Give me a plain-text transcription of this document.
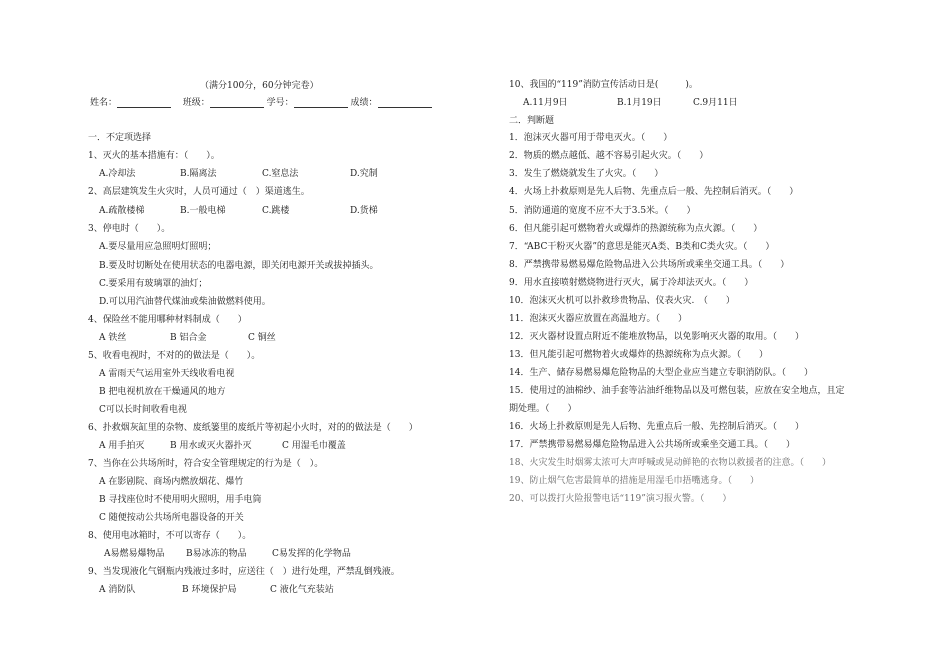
（满分100分，60分钟完卷）
姓名：	班级：	学号：	成绩：
一．不定项选择
1、灭火的基本措施有：（　　）。
A.冷却法	B.隔离法	C.窒息法	D.究制
2、高层建筑发生火灾时，人员可通过（　）渠道逃生。
A.疏散楼梯	B.一般电梯	C.跳楼	D.货梯
3、停电时（　　）。
A.要尽量用应急照明灯照明；
B.要及时切断处在使用状态的电器电源，即关闭电源开关或拔掉插头。
C.要采用有玻璃罩的油灯；
D.可以用汽油替代煤油或柴油做燃料使用。
4、保险丝不能用哪种材料制成（　　）
A 铁丝	B 铝合金	C 铜丝
5、收看电视时，不对的的做法是（　　）。
A 雷雨天气运用室外天线收看电视
B 把电视机放在干燥通风的地方
C可以长时间收看电视
6、扑救烟灰缸里的杂物、废纸篓里的废纸片等初起小火时，对的的做法是（　　）
A 用手拍灭	B 用水或灭火器扑灭	C 用湿毛巾覆盖
7、当你在公共场所时，符合安全管理规定的行为是（　）。
A 在影剧院、商场内燃放烟花、爆竹
B 寻找座位时不使用明火照明，用手电筒
C 随便按动公共场所电器设备的开关
8、使用电冰箱时，不可以寄存（　　）。
A易燃易爆物品 B易冰冻的物品	C易发挥的化学物品
9、当发现液化气钢瓶内残液过多时，应送往（　）进行处理，严禁乱倒残液。
A 消防队	B 环境保护局	C 液化气充装站
10、我国的“119”消防宣传活动日是(　　　)。
A.11月9日	B.1月19日	C.9月11日
二．判断题
1．泡沫灭火器可用于带电灭火。（　　）
2．物质的燃点越低、越不容易引起火灾。（　　）
3．发生了燃烧就发生了火灾。（　　）
4．火场上扑救原则是先人后物、先重点后一般、先控制后消灭。（　　）
5．消防通道的宽度不应不大于3.5米。（　　）
6．但凡能引起可燃物着火或爆炸的热源统称为点火源。（　　）
7．“ABC干粉灭火器”的意思是能灭A类、B类和C类火灾。（　　）
8．严禁携带易燃易爆危险物品进入公共场所或乘坐交通工具。（　　）
9．用水直接喷射燃烧物进行灭火，属于冷却法灭火。（　　）
10．泡沫灭火机可以扑救珍贵物品、仪表火灾.　（　　）
11．泡沫灭火器应放置在高温地方。（　　）
12．灭火器材设置点附近不能堆放物品，以免影响灭火器的取用。（　　）
13．但凡能引起可燃物着火或爆炸的热源统称为点火源。（　　）
14．生产、储存易燃易爆危险物品的大型企业应当建立专职消防队。（　　）
15．使用过的油棉纱、油手套等沾油纤维物品以及可燃包装，应放在安全地点，且定
期处理。（　　）
16．火场上扑救原则是先人后物、先重点后一般、先控制后消灭。（　　）
17．严禁携带易燃易爆危险物品进入公共场所或乘坐交通工具。（　　）
18、火灾发生时烟雾太浓可大声呼喊或晃动鲜艳的衣物以救援者的注意。（　　）
19、防止烟气危害最简单的措施是用湿毛巾捂嘴逃身。（　　）
20、可以拨打火险报警电话“119”演习报火警。（　　）
